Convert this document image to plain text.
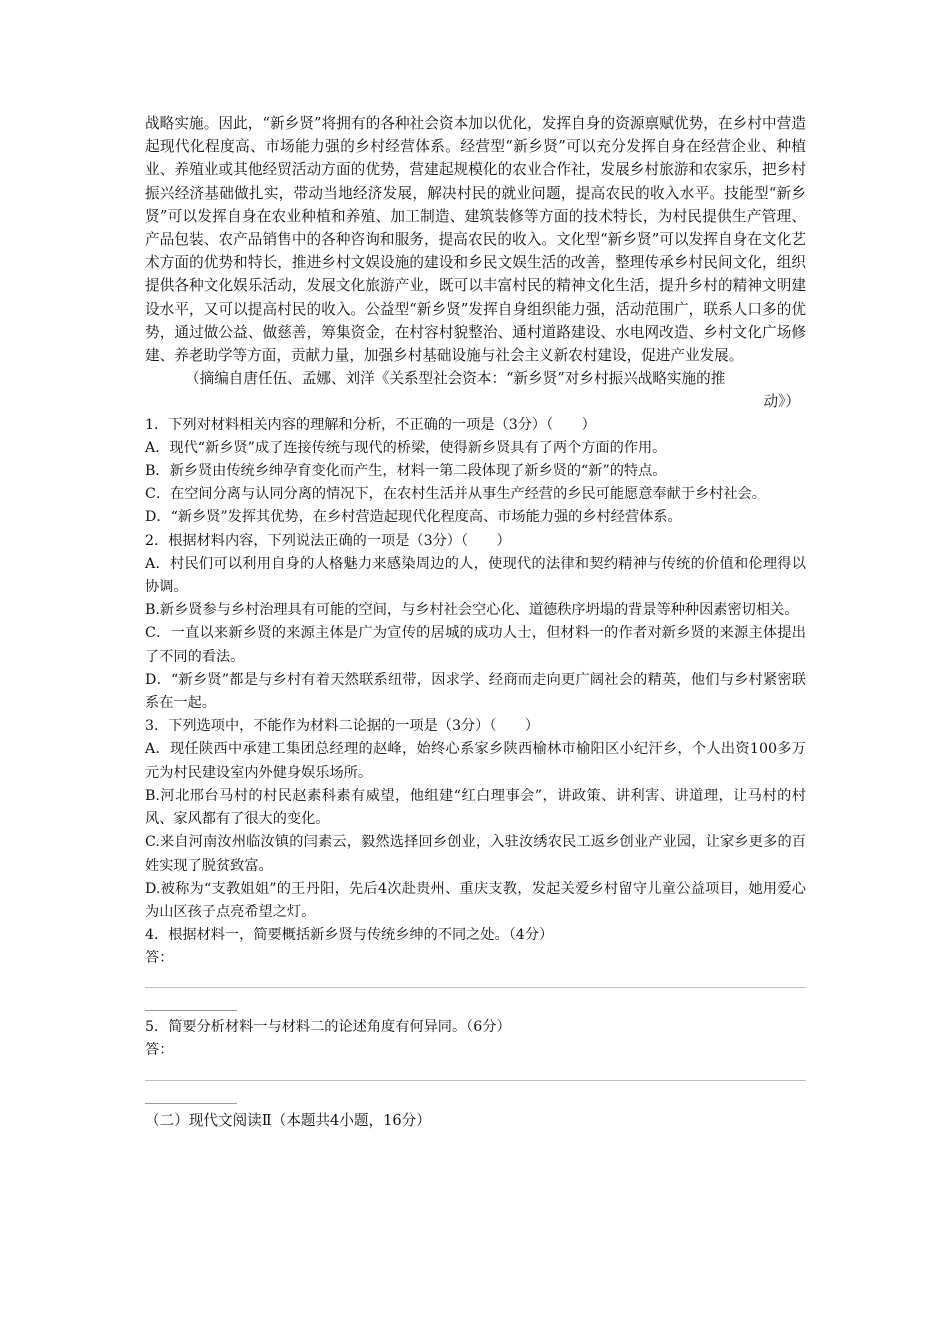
战略实施。因此，“新乡贤”将拥有的各种社会资本加以优化，发挥自身的资源禀赋优势，在乡村中营造起现代化程度高、市场能力强的乡村经营体系。经营型“新乡贤”可以充分发挥自身在经营企业、种植业、养殖业或其他经贸活动方面的优势，营建起规模化的农业合作社，发展乡村旅游和农家乐，把乡村振兴经济基础做扎实，带动当地经济发展，解决村民的就业问题，提高农民的收入水平。技能型“新乡贤”可以发挥自身在农业种植和养殖、加工制造、建筑装修等方面的技术特长，为村民提供生产管理、产品包装、农产品销售中的各种咨询和服务，提高农民的收入。文化型“新乡贤”可以发挥自身在文化艺术方面的优势和特长，推进乡村文娱设施的建设和乡民文娱生活的改善，整理传承乡村民间文化，组织提供各种文化娱乐活动，发展文化旅游产业，既可以丰富村民的精神文化生活，提升乡村的精神文明建设水平，又可以提高村民的收入。公益型“新乡贤”发挥自身组织能力强，活动范围广，联系人口多的优势，通过做公益、做慈善，筹集资金，在村容村貌整治、通村道路建设、水电网改造、乡村文化广场修建、养老助学等方面，贡献力量，加强乡村基础设施与社会主义新农村建设，促进产业发展。

（摘编自唐任伍、孟娜、刘洋《关系型社会资本：“新乡贤”对乡村振兴战略实施的推

动》）

1．下列对材料相关内容的理解和分析，不正确的一项是（3分）（　　）

A．现代“新乡贤”成了连接传统与现代的桥梁，使得新乡贤具有了两个方面的作用。

B．新乡贤由传统乡绅孕育变化而产生，材料一第二段体现了新乡贤的“新”的特点。

C．在空间分离与认同分离的情况下，在农村生活并从事生产经营的乡民可能愿意奉献于乡村社会。

D．“新乡贤”发挥其优势，在乡村营造起现代化程度高、市场能力强的乡村经营体系。

2．根据材料内容，下列说法正确的一项是（3分）（　　）

A．村民们可以利用自身的人格魅力来感染周边的人，使现代的法律和契约精神与传统的价值和伦理得以协调。

B.新乡贤参与乡村治理具有可能的空间，与乡村社会空心化、道德秩序坍塌的背景等种种因素密切相关。

C．一直以来新乡贤的来源主体是广为宣传的居城的成功人士，但材料一的作者对新乡贤的来源主体提出了不同的看法。

D．“新乡贤”都是与乡村有着天然联系纽带，因求学、经商而走向更广阔社会的精英，他们与乡村紧密联系在一起。

3．下列选项中，不能作为材料二论据的一项是（3分）（　　）

A．现任陕西中承建工集团总经理的赵峰，始终心系家乡陕西榆林市榆阳区小纪汗乡，个人出资100多万元为村民建设室内外健身娱乐场所。

B.河北邢台马村的村民赵素科素有威望，他组建“红白理事会”，讲政策、讲利害、讲道理，让马村的村风、家风都有了很大的变化。

C.来自河南汝州临汝镇的闫素云，毅然选择回乡创业，入驻汝绣农民工返乡创业产业园，让家乡更多的百姓实现了脱贫致富。

D.被称为“支教姐姐”的王丹阳，先后4次赴贵州、重庆支教，发起关爱乡村留守儿童公益项目，她用爱心为山区孩子点亮希望之灯。

4．根据材料一，简要概括新乡贤与传统乡绅的不同之处。（4分）

答：

5．简要分析材料一与材料二的论述角度有何异同。（6分）

答：

（二）现代文阅读Ⅱ（本题共4小题，16分）
